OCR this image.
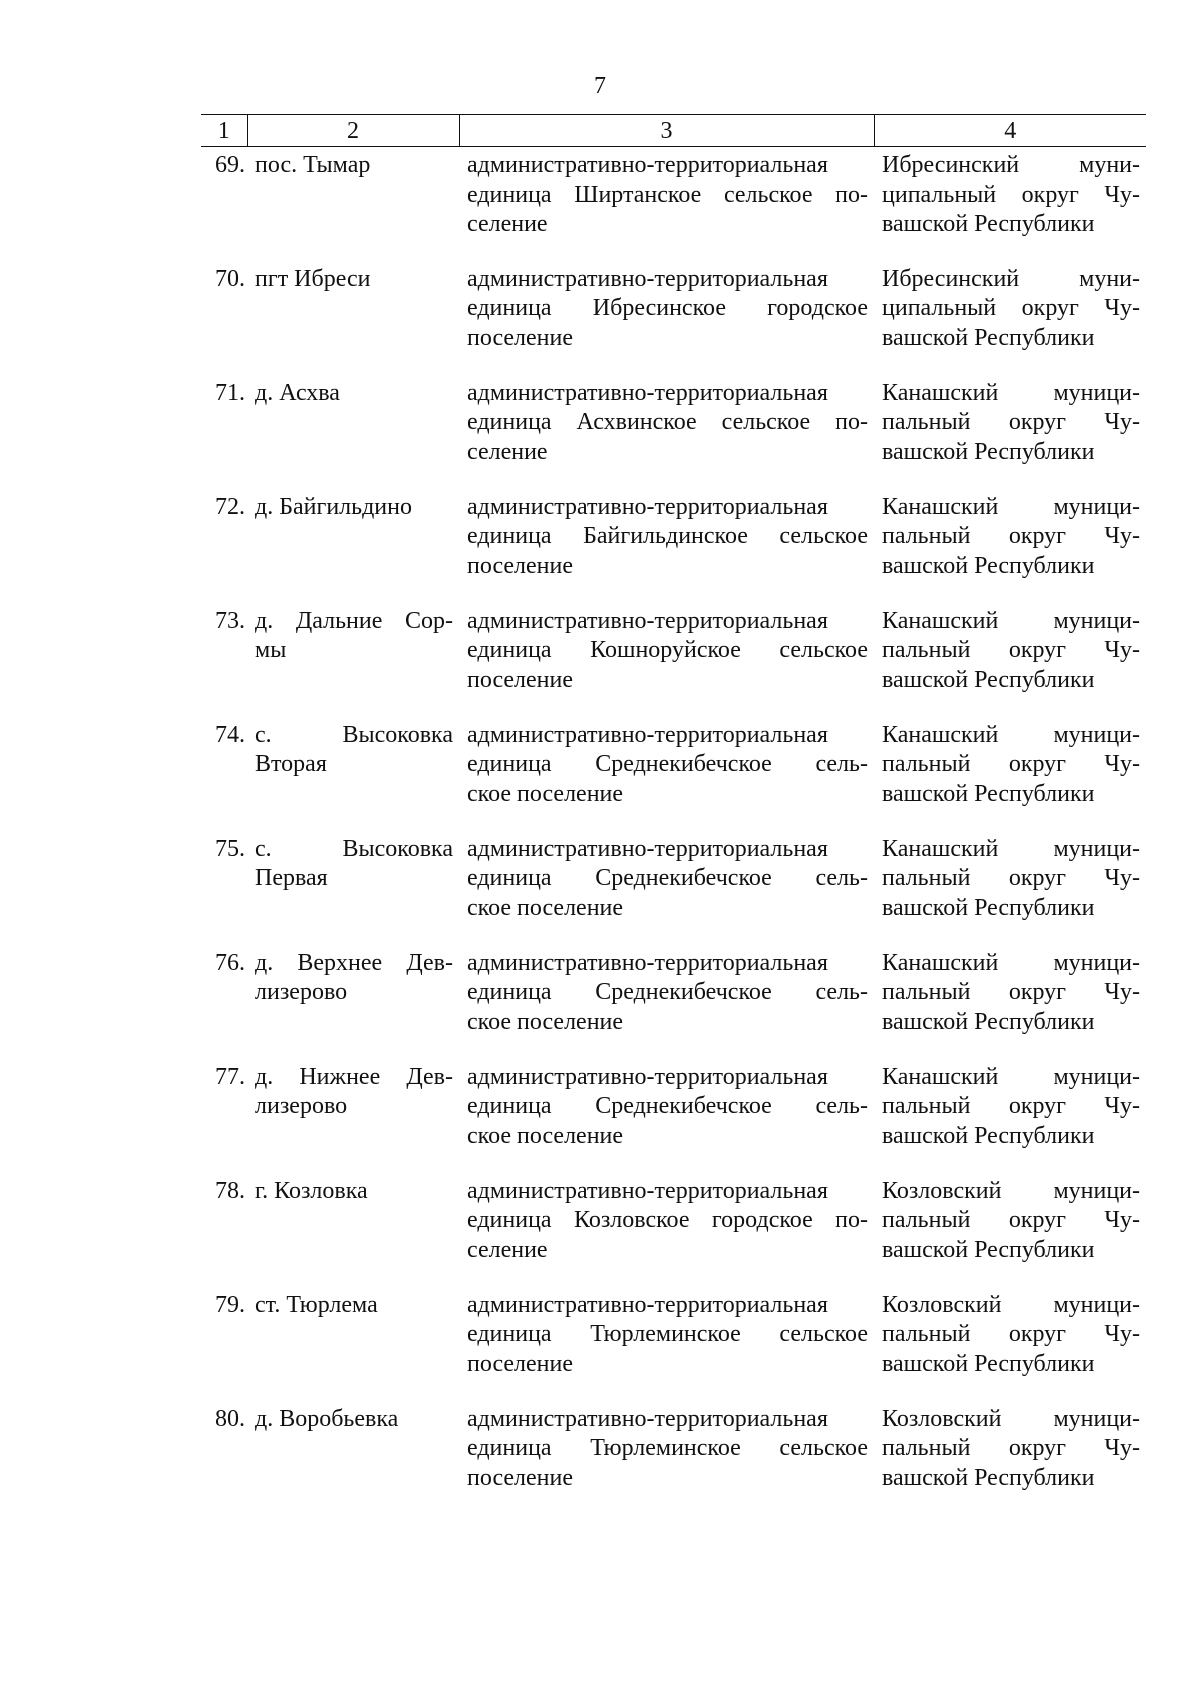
7
1	2	3	4
69.	пос. Тымар	административно-территориальная
единица Ширтанское сельское по-
селение	Ибресинский муни-
ципальный округ Чу-
вашской Республики

70.	пгт Ибреси	административно-территориальная
единица Ибресинское городское
поселение	Ибресинский муни-
ципальный округ Чу-
вашской Республики

71.	д. Асхва	административно-территориальная
единица Асхвинское сельское по-
селение	Канашский муници-
пальный округ Чу-
вашской Республики

72.	д. Байгильдино	административно-территориальная
единица Байгильдинское сельское
поселение	Канашский муници-
пальный округ Чу-
вашской Республики

73.	д. Дальние Сор-
мы	административно-территориальная
единица Кошноруйское сельское
поселение	Канашский муници-
пальный округ Чу-
вашской Республики

74.	с. Высоковка
Вторая	административно-территориальная
единица Среднекибечское сель-
ское поселение	Канашский муници-
пальный округ Чу-
вашской Республики

75.	с. Высоковка
Первая	административно-территориальная
единица Среднекибечское сель-
ское поселение	Канашский муници-
пальный округ Чу-
вашской Республики

76.	д. Верхнее Дев-
лизерово	административно-территориальная
единица Среднекибечское сель-
ское поселение	Канашский муници-
пальный округ Чу-
вашской Республики

77.	д. Нижнее Дев-
лизерово	административно-территориальная
единица Среднекибечское сель-
ское поселение	Канашский муници-
пальный округ Чу-
вашской Республики

78.	г. Козловка	административно-территориальная
единица Козловское городское по-
селение	Козловский муници-
пальный округ Чу-
вашской Республики

79.	ст. Тюрлема	административно-территориальная
единица Тюрлеминское сельское
поселение	Козловский муници-
пальный округ Чу-
вашской Республики

80.	д. Воробьевка	административно-территориальная
единица Тюрлеминское сельское
поселение	Козловский муници-
пальный округ Чу-
вашской Республики
